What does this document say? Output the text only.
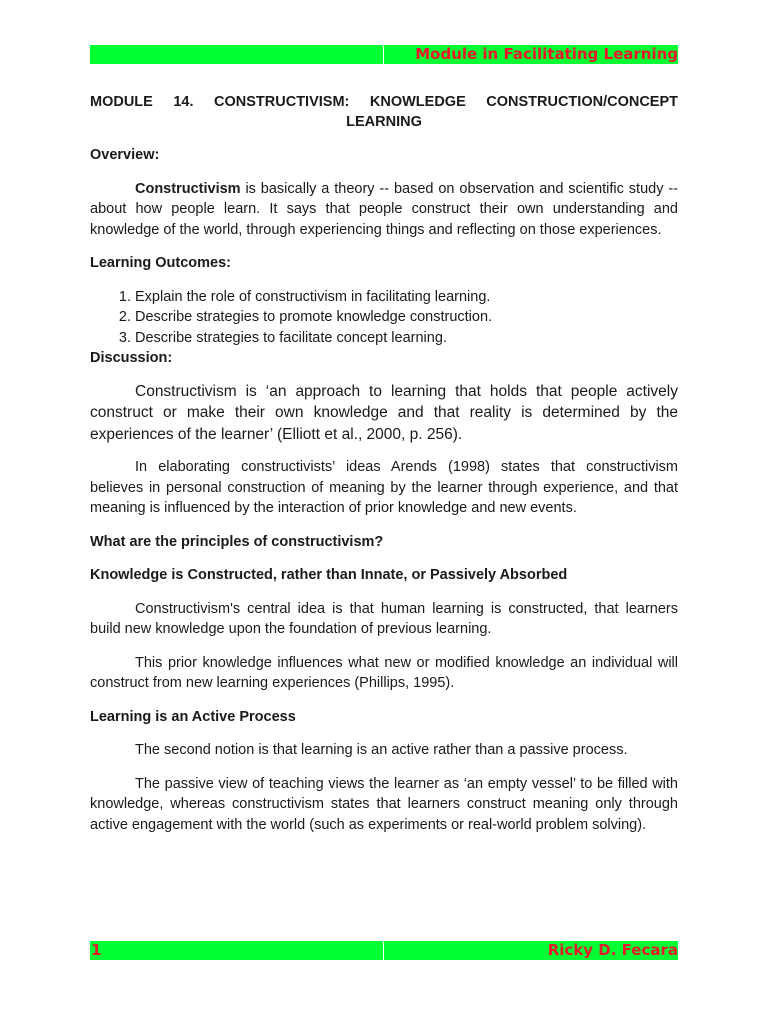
Module in Facilitating Learning
MODULE 14. CONSTRUCTIVISM: KNOWLEDGE CONSTRUCTION/CONCEPT
LEARNING

Overview:

Constructivism is basically a theory -- based on observation and scientific study -- about how people learn. It says that people construct their own understanding and knowledge of the world, through experiencing things and reflecting on those experiences.

Learning Outcomes:

1. Explain the role of constructivism in facilitating learning.
2. Describe strategies to promote knowledge construction.
3. Describe strategies to facilitate concept learning.

Discussion:

Constructivism is ‘an approach to learning that holds that people actively construct or make their own knowledge and that reality is determined by the experiences of the learner’ (Elliott et al., 2000, p. 256).

In elaborating constructivists’ ideas Arends (1998) states that constructivism believes in personal construction of meaning by the learner through experience, and that meaning is influenced by the interaction of prior knowledge and new events.

What are the principles of constructivism?

Knowledge is Constructed, rather than Innate, or Passively Absorbed

Constructivism's central idea is that human learning is constructed, that learners build new knowledge upon the foundation of previous learning.

This prior knowledge influences what new or modified knowledge an individual will construct from new learning experiences (Phillips, 1995).

Learning is an Active Process

The second notion is that learning is an active rather than a passive process.

The passive view of teaching views the learner as ‘an empty vessel’ to be filled with knowledge, whereas constructivism states that learners construct meaning only through active engagement with the world (such as experiments or real-world problem solving).

1	Ricky D. Fecara
